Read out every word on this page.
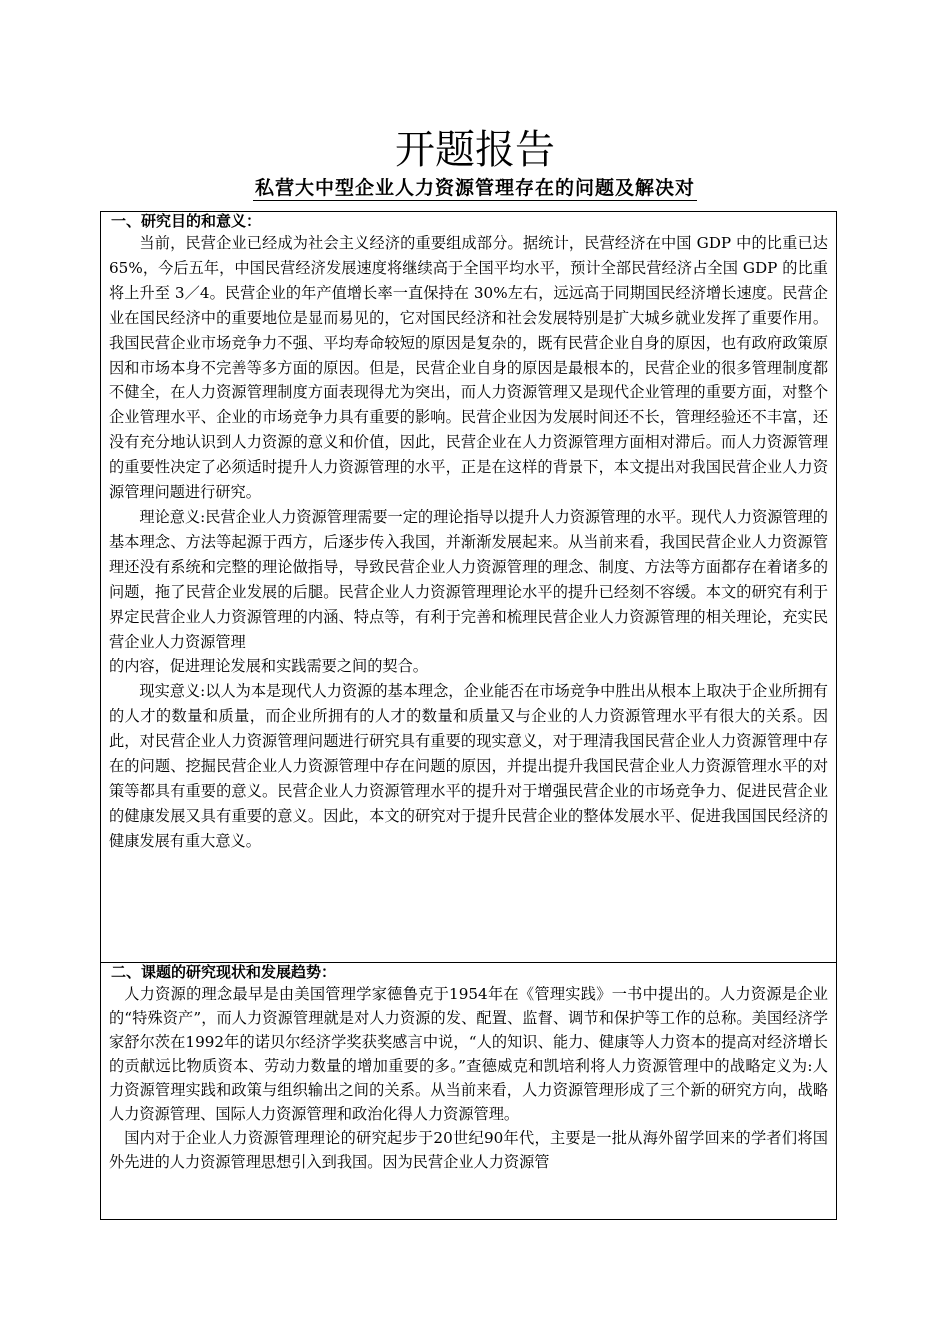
开题报告
私营大中型企业人力资源管理存在的问题及解决对
一、研究目的和意义：

当前，民营企业已经成为社会主义经济的重要组成部分。据统计，民营经济在中国 GDP 中的比重已达 65%，今后五年，中国民营经济发展速度将继续高于全国平均水平，预计全部民营经济占全国 GDP 的比重将上升至 3／4。民营企业的年产值增长率一直保持在 30%左右，远远高于同期国民经济增长速度。民营企业在国民经济中的重要地位是显而易见的，它对国民经济和社会发展特别是扩大城乡就业发挥了重要作用。我国民营企业市场竞争力不强、平均寿命较短的原因是复杂的，既有民营企业自身的原因，也有政府政策原因和市场本身不完善等多方面的原因。但是，民营企业自身的原因是最根本的，民营企业的很多管理制度都不健全，在人力资源管理制度方面表现得尤为突出，而人力资源管理又是现代企业管理的重要方面，对整个企业管理水平、企业的市场竞争力具有重要的影响。民营企业因为发展时间还不长，管理经验还不丰富，还没有充分地认识到人力资源的意义和价值，因此，民营企业在人力资源管理方面相对滞后。而人力资源管理的重要性决定了必须适时提升人力资源管理的水平，正是在这样的背景下，本文提出对我国民营企业人力资源管理问题进行研究。

理论意义:民营企业人力资源管理需要一定的理论指导以提升人力资源管理的水平。现代人力资源管理的基本理念、方法等起源于西方，后逐步传入我国，并渐渐发展起来。从当前来看，我国民营企业人力资源管理还没有系统和完整的理论做指导，导致民营企业人力资源管理的理念、制度、方法等方面都存在着诸多的问题，拖了民营企业发展的后腿。民营企业人力资源管理理论水平的提升已经刻不容缓。本文的研究有利于界定民营企业人力资源管理的内涵、特点等，有利于完善和梳理民营企业人力资源管理的相关理论，充实民营企业人力资源管理

的内容，促进理论发展和实践需要之间的契合。

现实意义:以人为本是现代人力资源的基本理念，企业能否在市场竞争中胜出从根本上取决于企业所拥有的人才的数量和质量，而企业所拥有的人才的数量和质量又与企业的人力资源管理水平有很大的关系。因此，对民营企业人力资源管理问题进行研究具有重要的现实意义，对于理清我国民营企业人力资源管理中存在的问题、挖掘民营企业人力资源管理中存在问题的原因，并提出提升我国民营企业人力资源管理水平的对策等都具有重要的意义。民营企业人力资源管理水平的提升对于增强民营企业的市场竞争力、促进民营企业的健康发展又具有重要的意义。因此，本文的研究对于提升民营企业的整体发展水平、促进我国国民经济的健康发展有重大意义。

二、课题的研究现状和发展趋势：

人力资源的理念最早是由美国管理学家德鲁克于1954年在《管理实践》一书中提出的。人力资源是企业的“特殊资产”，而人力资源管理就是对人力资源的发、配置、监督、调节和保护等工作的总称。美国经济学家舒尔茨在1992年的诺贝尔经济学奖获奖感言中说，“人的知识、能力、健康等人力资本的提高对经济增长的贡献远比物质资本、劳动力数量的增加重要的多。”查德威克和凯培利将人力资源管理中的战略定义为:人力资源管理实践和政策与组织输出之间的关系。从当前来看，人力资源管理形成了三个新的研究方向，战略人力资源管理、国际人力资源管理和政治化得人力资源管理。

国内对于企业人力资源管理理论的研究起步于20世纪90年代，主要是一批从海外留学回来的学者们将国外先进的人力资源管理思想引入到我国。因为民营企业人力资源管
